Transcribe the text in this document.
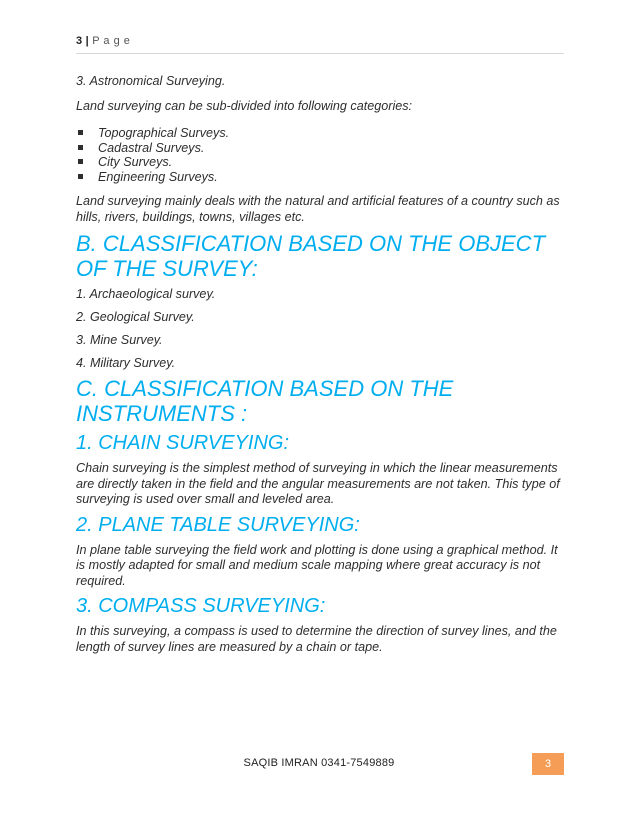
3 | P a g e

3. Astronomical Surveying.

Land surveying can be sub-divided into following categories:

Topographical Surveys.
Cadastral Surveys.
City Surveys.
Engineering Surveys.

Land surveying mainly deals with the natural and artificial features of a country such as hills, rivers, buildings, towns, villages etc.

B. CLASSIFICATION BASED ON THE OBJECT OF THE SURVEY:

1. Archaeological survey.

2. Geological Survey.

3. Mine Survey.

4. Military Survey.

C. CLASSIFICATION BASED ON THE INSTRUMENTS :
1. CHAIN SURVEYING:

Chain surveying is the simplest method of surveying in which the linear measurements are directly taken in the field and the angular measurements are not taken. This type of surveying is used over small and leveled area.

2. PLANE TABLE SURVEYING:

In plane table surveying the field work and plotting is done using a graphical method. It is mostly adapted for small and medium scale mapping where great accuracy is not required.

3. COMPASS SURVEYING:

In this surveying, a compass is used to determine the direction of survey lines, and the length of survey lines are measured by a chain or tape.

SAQIB IMRAN 0341-7549889	3
